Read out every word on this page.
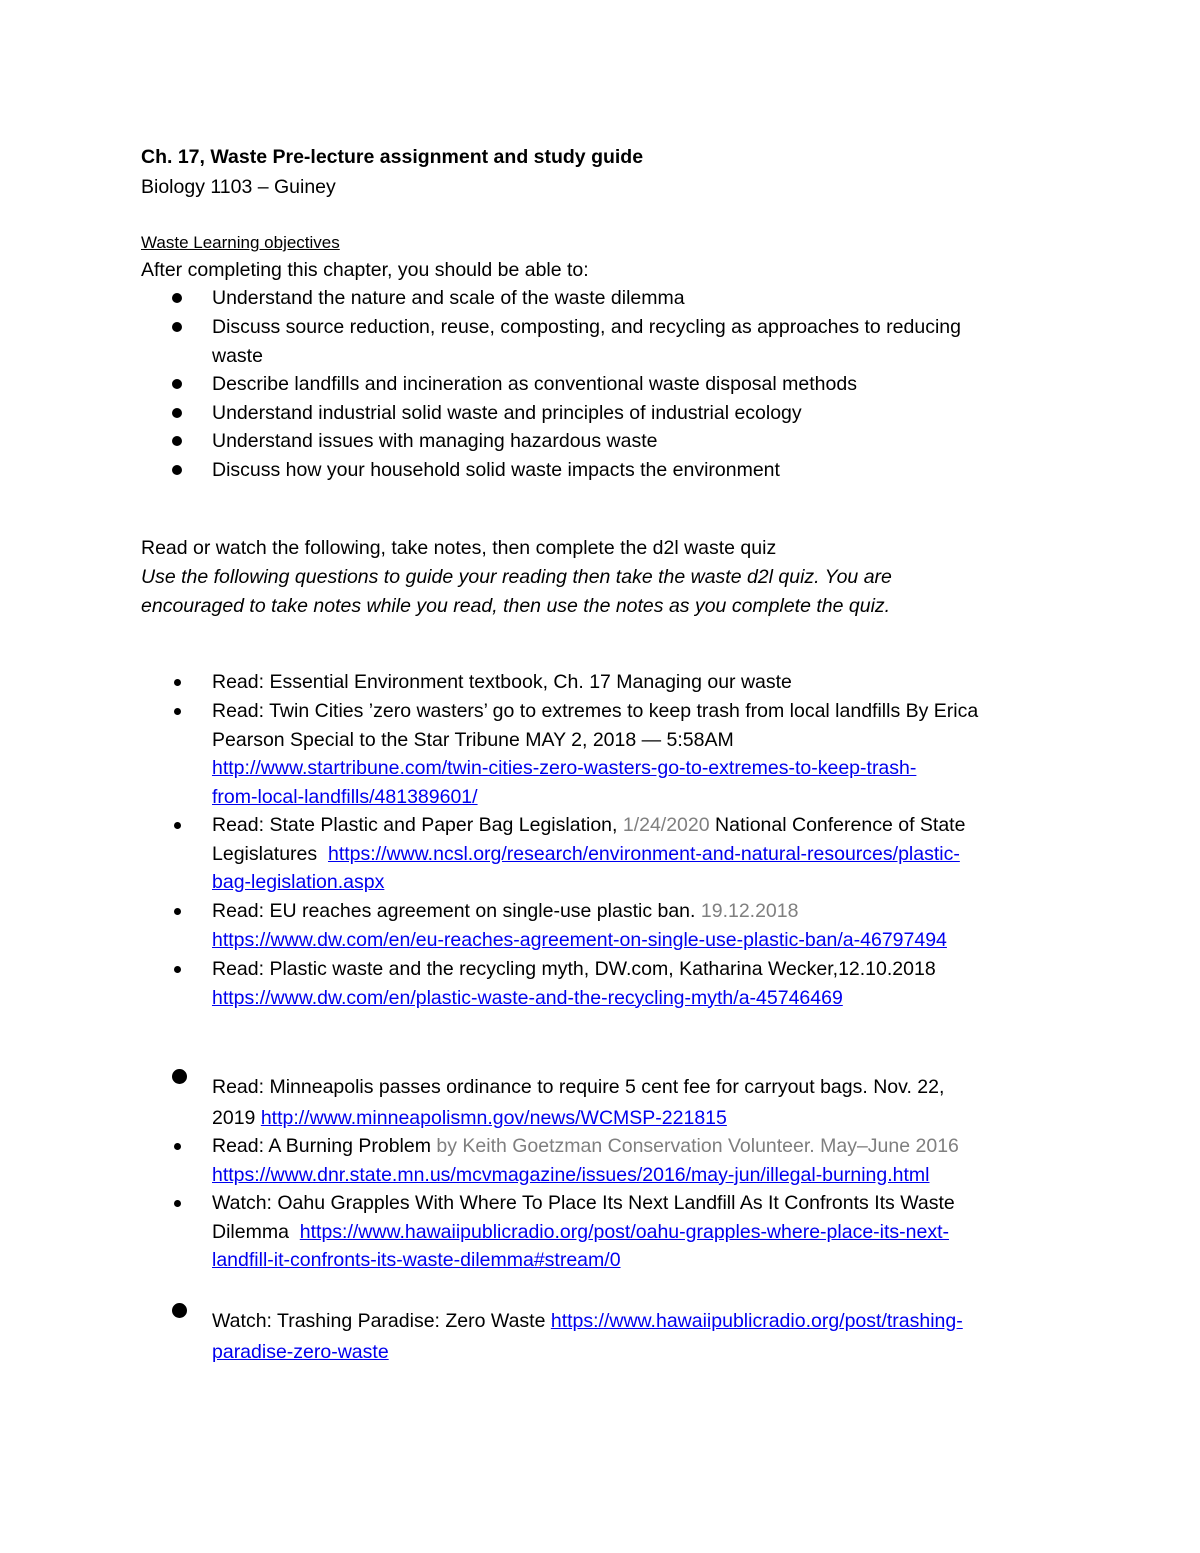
Ch. 17, Waste Pre-lecture assignment and study guide
Biology 1103 – Guiney
Waste Learning objectives
After completing this chapter, you should be able to:
Understand the nature and scale of the waste dilemma
Discuss source reduction, reuse, composting, and recycling as approaches to reducing
waste
Describe landfills and incineration as conventional waste disposal methods
Understand industrial solid waste and principles of industrial ecology
Understand issues with managing hazardous waste
Discuss how your household solid waste impacts the environment
Read or watch the following, take notes, then complete the d2l waste quiz
Use the following questions to guide your reading then take the waste d2l quiz. You are
encouraged to take notes while you read, then use the notes as you complete the quiz.
Read: Essential Environment textbook, Ch. 17 Managing our waste
Read: Twin Cities ’zero wasters’ go to extremes to keep trash from local landfills By Erica
Pearson Special to the Star Tribune MAY 2, 2018 — 5:58AM
http://www.startribune.com/twin-cities-zero-wasters-go-to-extremes-to-keep-trash-
from-local-landfills/481389601/
Read: State Plastic and Paper Bag Legislation, 1/24/2020 National Conference of State
Legislatures  https://www.ncsl.org/research/environment-and-natural-resources/plastic-
bag-legislation.aspx
Read: EU reaches agreement on single-use plastic ban. 19.12.2018
https://www.dw.com/en/eu-reaches-agreement-on-single-use-plastic-ban/a-46797494
Read: Plastic waste and the recycling myth, DW.com, Katharina Wecker,12.10.2018
https://www.dw.com/en/plastic-waste-and-the-recycling-myth/a-45746469
Read: Minneapolis passes ordinance to require 5 cent fee for carryout bags. Nov. 22,
2019 http://www.minneapolismn.gov/news/WCMSP-221815
Read: A Burning Problem by Keith Goetzman Conservation Volunteer. May–June 2016
https://www.dnr.state.mn.us/mcvmagazine/issues/2016/may-jun/illegal-burning.html
Watch: Oahu Grapples With Where To Place Its Next Landfill As It Confronts Its Waste
Dilemma  https://www.hawaiipublicradio.org/post/oahu-grapples-where-place-its-next-
landfill-it-confronts-its-waste-dilemma#stream/0
Watch: Trashing Paradise: Zero Waste https://www.hawaiipublicradio.org/post/trashing-
paradise-zero-waste
